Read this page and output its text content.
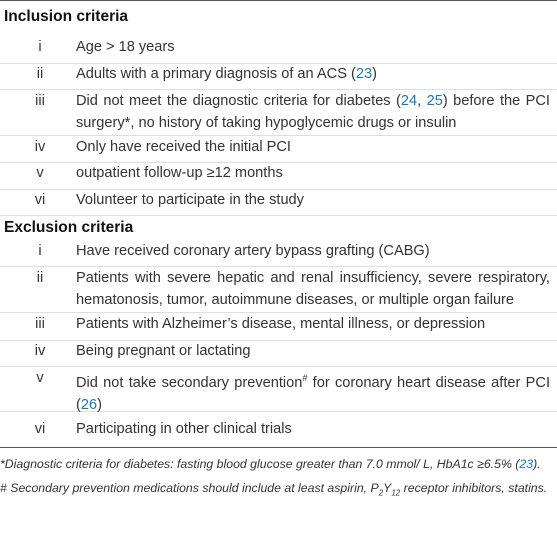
Inclusion criteria
i	Age > 18 years
ii	Adults with a primary diagnosis of an ACS (23)
iii	Did not meet the diagnostic criteria for diabetes (24, 25) before the PCI surgery*, no history of taking hypoglycemic drugs or insulin
iv	Only have received the initial PCI
v	outpatient follow-up ≥12 months
vi	Volunteer to participate in the study
Exclusion criteria
i	Have received coronary artery bypass grafting (CABG)
ii	Patients with severe hepatic and renal insufficiency, severe respiratory, hematonosis, tumor, autoimmune diseases, or multiple organ failure
iii	Patients with Alzheimer’s disease, mental illness, or depression
iv	Being pregnant or lactating
v	Did not take secondary prevention# for coronary heart disease after PCI (26)
vi	Participating in other clinical trials

*Diagnostic criteria for diabetes: fasting blood glucose greater than 7.0 mmol/ L, HbA1c ≥6.5% (23).

# Secondary prevention medications should include at least aspirin, $P_2Y_{12}$ receptor inhibitors, statins.
